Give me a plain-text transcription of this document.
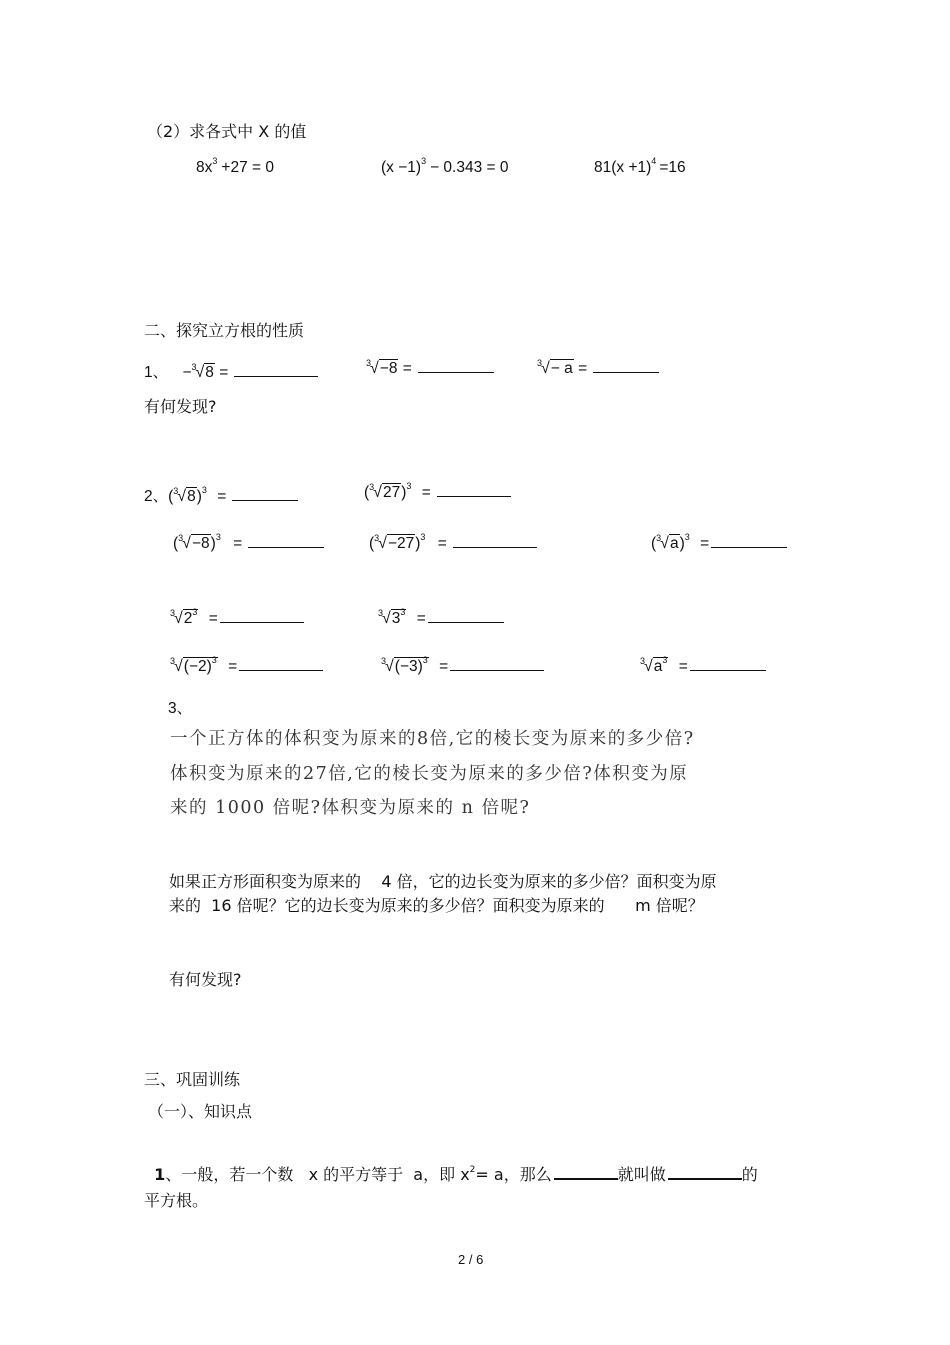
（2）求各式中 X 的值
$8x^3 +27 = 0$	$(x -1)^3 - 0.343 = 0$	$81(x +1)^4 =16$
二、探究立方根的性质
1、 − 3
√8 =
3
√−8 =	3
√− a =
有何发现?
2、( 3
√8)$^3$ =	( 3
√27)$^3$ =
( 3
√−8)$^3$ =	( 3
√−27)$^3$ =	( 3
√a)$^3$ =
3
$√2^3$ =	3
$√3^3$ =
3
$√(-2)^3$ =	3
$√(-3)^3$ =	3
$√a^3$ =
3、
一个正方体的体积变为原来的8倍,它的棱长变为原来的多少倍?
体积变为原来的27倍,它的棱长变为原来的多少倍?体积变为原
来的 1000 倍呢?体积变为原来的 n 倍呢?
如果正方形面积变为原来的    4 倍，它的边长变为原来的多少倍？面积变为原
来的  16 倍呢？它的边长变为原来的多少倍？面积变为原来的      m 倍呢？
有何发现?
三、巩固训练
（一）、知识点

1、一般，若一个数   x 的平方等于  a，即 $x^2= a$，那么	就叫做	的

平方根。
2 / 6
